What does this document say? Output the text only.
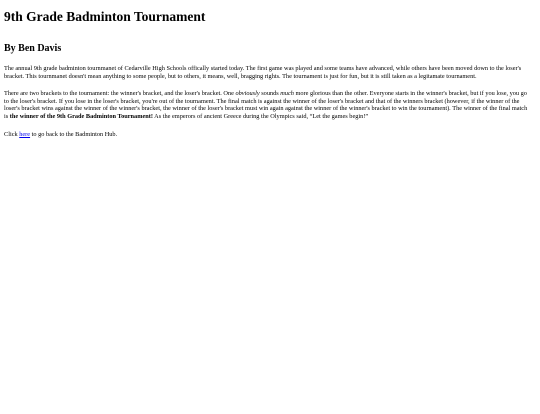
9th Grade Badminton Tournament
By Ben Davis

The annual 9th grade badminton tournmanet of Cedarville High Schools offically started today. The first game was played and some teams have advanced, while others have been moved down to the loser's bracket. This tournmanet doesn't mean anything to some people, but to others, it means, well, bragging rights. The tournament is just for fun, but it is still taken as a legitamate tournament.

There are two brackets to the tournament: the winner's bracket, and the loser's bracket. One obviously sounds much more glorious than the other. Everyone starts in the winner's bracket, but if you lose, you go to the loser's bracket. If you lose in the loser's bracket, you're out of the tournament. The final match is against the winner of the loser's bracket and that of the winners bracket (however, if the winner of the loser's bracket wins against the winner of the winner's bracket, the winner of the loser's bracket must win again against the winner of the winner's bracket to win the tournament). The winner of the final match is the winner of the 9th Grade Badminton Tournament! As the emperors of ancient Greece during the Olympics said, “Let the games begin!”

Click here to go back to the Badminton Hub.
